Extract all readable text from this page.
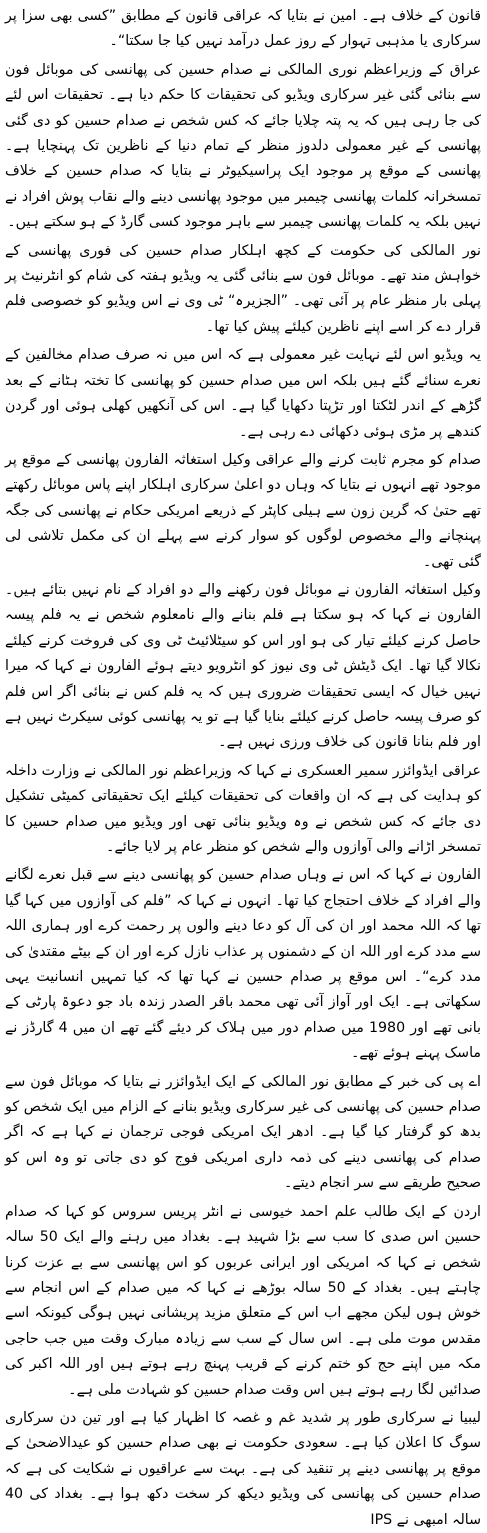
قانون کے خلاف ہے۔ امین نے بتایا کہ عراقی قانون کے مطابق ”کسی بھی سزا پر سرکاری یا مذہبی تہوار کے روز عمل درآمد نہیں کیا جا سکتا“۔

عراق کے وزیراعظم نوری المالکی نے صدام حسین کی پھانسی کی موبائل فون سے بنائی گئی غیر سرکاری ویڈیو کی تحقیقات کا حکم دیا ہے۔ تحقیقات اس لئے کی جا رہی ہیں کہ یہ پتہ چلایا جائے کہ کس شخص نے صدام حسین کو دی گئی پھانسی کے غیر معمولی دلدوز منظر کے تمام دنیا کے ناظرین تک پہنچایا ہے۔ پھانسی کے موقع پر موجود ایک پراسیکیوٹر نے بتایا کہ صدام حسین کے خلاف تمسخرانہ کلمات پھانسی چیمبر میں موجود پھانسی دینے والے نقاب پوش افراد نے نہیں بلکہ یہ کلمات پھانسی چیمبر سے باہر موجود کسی گارڈ کے ہو سکتے ہیں۔

نور المالکی کی حکومت کے کچھ اہلکار صدام حسین کی فوری پھانسی کے خواہش مند تھے۔ موبائل فون سے بنائی گئی یہ ویڈیو ہفتہ کی شام کو انٹرنیٹ پر پہلی بار منظر عام پر آئی تھی۔ ”الجزیرہ“ ٹی وی نے اس ویڈیو کو خصوصی فلم قرار دے کر اسے اپنے ناظرین کیلئے پیش کیا تھا۔

یہ ویڈیو اس لئے نہایت غیر معمولی ہے کہ اس میں نہ صرف صدام مخالفین کے نعرے سنائے گئے ہیں بلکہ اس میں صدام حسین کو پھانسی کا تختہ ہٹانے کے بعد گڑھے کے اندر لٹکتا اور تڑپتا دکھایا گیا ہے۔ اس کی آنکھیں کھلی ہوئی اور گردن کندھے پر مڑی ہوئی دکھائی دے رہی ہے۔

صدام کو مجرم ثابت کرنے والے عراقی وکیل استغاثہ الفارون پھانسی کے موقع پر موجود تھے انہوں نے بتایا کہ وہاں دو اعلیٰ سرکاری اہلکار اپنے پاس موبائل رکھتے تھے حتیٰ کہ گرین زون سے ہیلی کاپٹر کے ذریعے امریکی حکام نے پھانسی کی جگہ پہنچانے والے مخصوص لوگوں کو سوار کرنے سے پہلے ان کی مکمل تلاشی لی گئی تھی۔

وکیل استغاثہ الفارون نے موبائل فون رکھنے والے دو افراد کے نام نہیں بتائے ہیں۔ الفارون نے کہا کہ ہو سکتا ہے فلم بنانے والے نامعلوم شخص نے یہ فلم پیسہ حاصل کرنے کیلئے تیار کی ہو اور اس کو سیٹلائیٹ ٹی وی کی فروخت کرنے کیلئے نکالا گیا تھا۔ ایک ڈیٹش ٹی وی نیوز کو انٹرویو دیتے ہوئے الفارون نے کہا کہ میرا نہیں خیال کہ ایسی تحقیقات ضروری ہیں کہ یہ فلم کس نے بنائی اگر اس فلم کو صرف پیسہ حاصل کرنے کیلئے بنایا گیا ہے تو یہ پھانسی کوئی سیکرٹ نہیں ہے اور فلم بنانا قانون کی خلاف ورزی نہیں ہے۔

عراقی ایڈوائزر سمیر العسکری نے کہا کہ وزیراعظم نور المالکی نے وزارت داخلہ کو ہدایت کی ہے کہ ان واقعات کی تحقیقات کیلئے ایک تحقیقاتی کمیٹی تشکیل دی جائے کہ کس شخص نے وہ ویڈیو بنائی تھی اور ویڈیو میں صدام حسین کا تمسخر اڑانے والی آوازوں والے شخص کو منظر عام پر لایا جائے۔

الفارون نے کہا کہ اس نے وہاں صدام حسین کو پھانسی دینے سے قبل نعرے لگانے والے افراد کے خلاف احتجاج کیا تھا۔ انہوں نے کہا کہ ”فلم کی آوازوں میں کہا گیا تھا کہ اللہ محمد اور ان کی آل کو دعا دینے والوں پر رحمت کرے اور ہماری اللہ سے مدد کرے اور اللہ ان کے دشمنوں پر عذاب نازل کرے اور ان کے بیٹے مقتدیٰ کی مدد کرے“۔ اس موقع پر صدام حسین نے کہا تھا کہ کیا تمہیں انسانیت یہی سکھاتی ہے۔ ایک اور آواز آئی تھی محمد باقر الصدر زندہ باد جو دعوۃ پارٹی کے بانی تھے اور 1980 میں صدام دور میں ہلاک کر دیئے گئے تھے ان میں 4 گارڈز نے ماسک پہنے ہوئے تھے۔

اے پی کی خبر کے مطابق نور المالکی کے ایک ایڈوائزر نے بتایا کہ موبائل فون سے صدام حسین کی پھانسی کی غیر سرکاری ویڈیو بنانے کے الزام میں ایک شخص کو بدھ کو گرفتار کیا گیا ہے۔ ادھر ایک امریکی فوجی ترجمان نے کہا ہے کہ اگر صدام کی پھانسی دینے کی ذمہ داری امریکی فوج کو دی جاتی تو وہ اس کو صحیح طریقے سے سر انجام دیتے۔

اردن کے ایک طالب علم احمد خیوسی نے انٹر پریس سروس کو کہا کہ صدام حسین اس صدی کا سب سے بڑا شہید ہے۔ بغداد میں رہنے والے ایک 50 سالہ شخص نے کہا کہ امریکی اور ایرانی عربوں کو اس پھانسی سے بے عزت کرنا چاہتے ہیں۔ بغداد کے 50 سالہ بوڑھے نے کہا کہ میں صدام کے اس انجام سے خوش ہوں لیکن مجھے اب اس کے متعلق مزید پریشانی نہیں ہوگی کیونکہ اسے مقدس موت ملی ہے۔ اس سال کے سب سے زیادہ مبارک وقت میں جب حاجی مکہ میں اپنے حج کو ختم کرنے کے قریب پہنچ رہے ہوتے ہیں اور اللہ اکبر کی صدائیں لگا رہے ہوتے ہیں اس وقت صدام حسین کو شہادت ملی ہے۔

لیبیا نے سرکاری طور پر شدید غم و غصہ کا اظہار کیا ہے اور تین دن سرکاری سوگ کا اعلان کیا ہے۔ سعودی حکومت نے بھی صدام حسین کو عیدالاضحیٰ کے موقع پر پھانسی دینے پر تنقید کی ہے۔ بہت سے عراقیوں نے شکایت کی ہے کہ صدام حسین کی پھانسی کی ویڈیو دیکھ کر سخت دکھ ہوا ہے۔ بغداد کی 40 سالہ امبھی نے IPS
